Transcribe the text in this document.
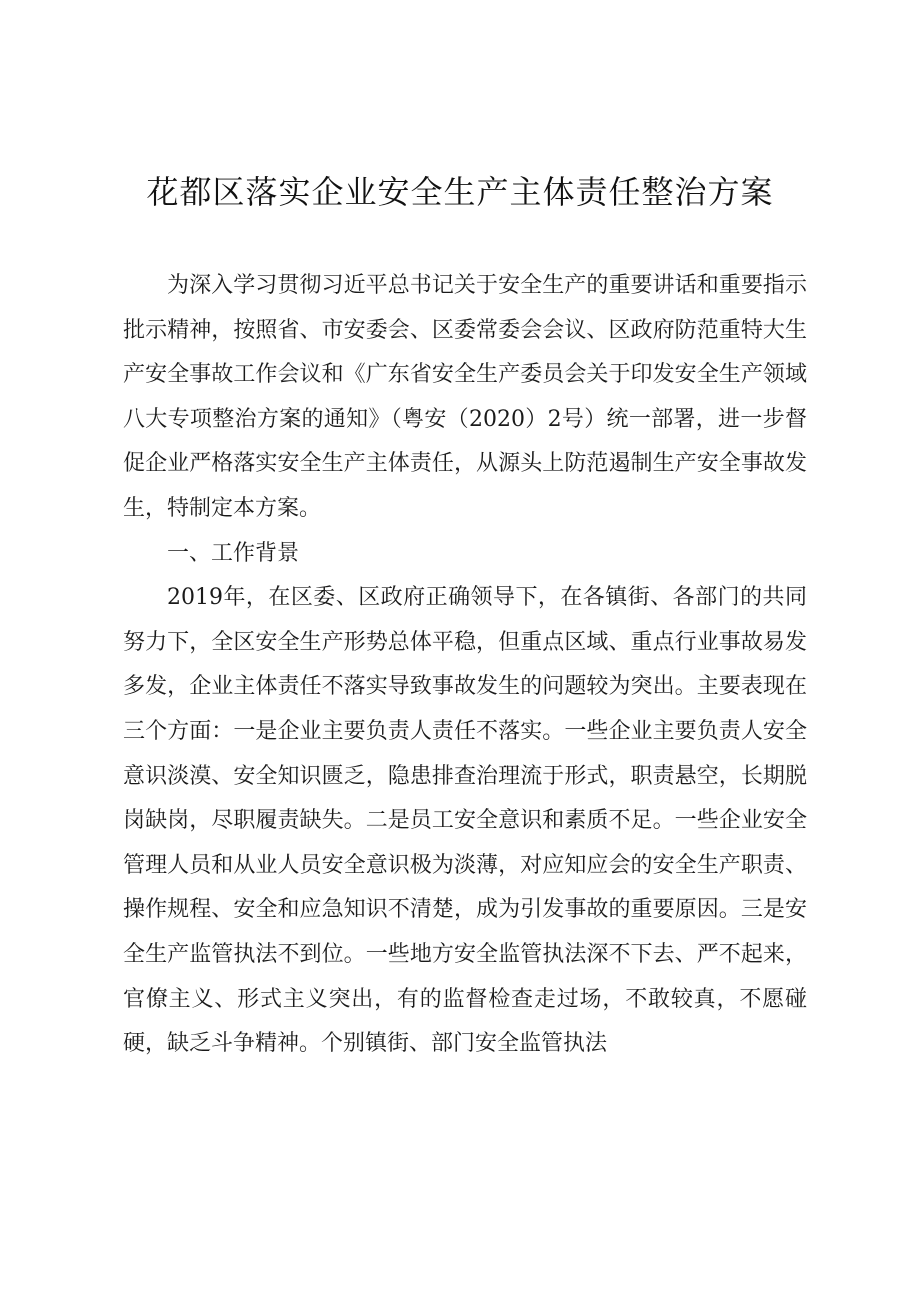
花都区落实企业安全生产主体责任整治方案

为深入学习贯彻习近平总书记关于安全生产的重要讲话和重要指示批示精神，按照省、市安委会、区委常委会会议、区政府防范重特大生产安全事故工作会议和《广东省安全生产委员会关于印发安全生产领域八大专项整治方案的通知》（粤安（2020）2号）统一部署，进一步督促企业严格落实安全生产主体责任，从源头上防范遏制生产安全事故发生，特制定本方案。

一、工作背景

2019年，在区委、区政府正确领导下，在各镇街、各部门的共同努力下，全区安全生产形势总体平稳，但重点区域、重点行业事故易发多发，企业主体责任不落实导致事故发生的问题较为突出。主要表现在三个方面：一是企业主要负责人责任不落实。一些企业主要负责人安全意识淡漠、安全知识匮乏，隐患排查治理流于形式，职责悬空，长期脱岗缺岗，尽职履责缺失。二是员工安全意识和素质不足。一些企业安全管理人员和从业人员安全意识极为淡薄，对应知应会的安全生产职责、操作规程、安全和应急知识不清楚，成为引发事故的重要原因。三是安全生产监管执法不到位。一些地方安全监管执法深不下去、严不起来，官僚主义、形式主义突出，有的监督检查走过场，不敢较真，不愿碰硬，缺乏斗争精神。个别镇街、部门安全监管执法
